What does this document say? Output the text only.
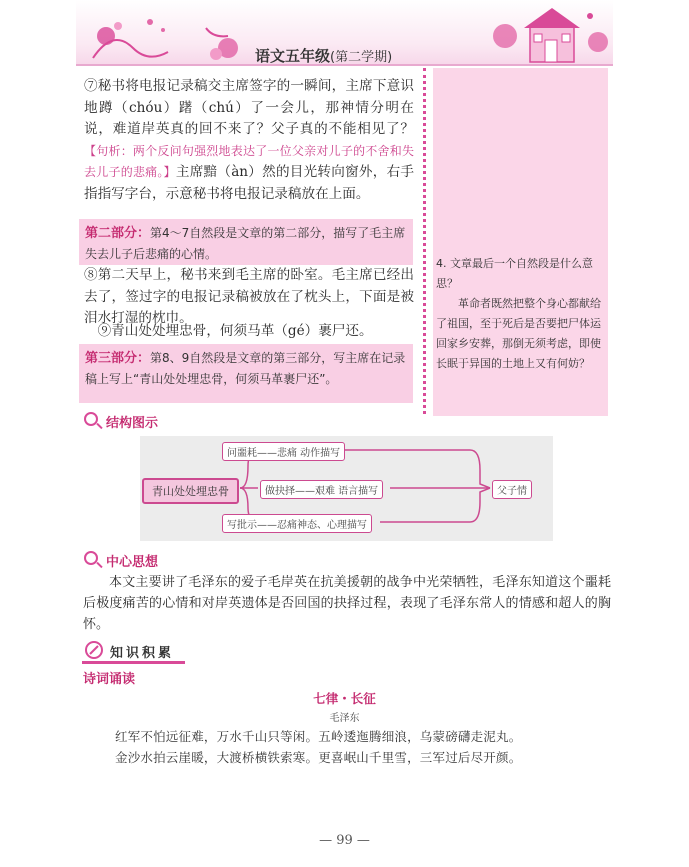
语文五年级(第二学期)
⑦秘书将电报记录稿交主席签字的一瞬间，主席下意识地蹲（chóu）躇（chú）了一会儿，那神情分明在说，难道岸英真的回不来了？父子真的不能相见了？【句析：两个反问句强烈地表达了一位父亲对儿子的不舍和失去儿子的悲痛。】主席黯（àn）然的目光转向窗外，右手指指写字台，示意秘书将电报记录稿放在上面。
第二部分：第4～7自然段是文章的第二部分，描写了毛主席失去儿子后悲痛的心情。
⑧第二天早上，秘书来到毛主席的卧室。毛主席已经出去了，签过字的电报记录稿被放在了枕头上，下面是被泪水打湿的枕巾。
⑨青山处处埋忠骨，何须马革（gé）裹尸还。
第三部分：第8、9自然段是文章的第三部分，写主席在记录稿上写上“青山处处埋忠骨，何须马革裹尸还”。
4. 文章最后一个自然段是什么意思？
革命者既然把整个身心都献给了祖国，至于死后是否要把尸体运回家乡安葬，那倒无须考虑，即使长眠于异国的土地上又有何妨？
结构图示
青山处处埋忠骨
问噩耗——悲痛 动作描写
做抉择——艰难 语言描写
写批示——忍痛神态、心理描写
父子情
中心思想
本文主要讲了毛泽东的爱子毛岸英在抗美援朝的战争中光荣牺牲，毛泽东知道这个噩耗后极度痛苦的心情和对岸英遗体是否回国的抉择过程，表现了毛泽东常人的情感和超人的胸怀。
知识积累
诗词诵读
七律・长征
毛泽东
红军不怕远征难，万水千山只等闲。五岭逶迤腾细浪，乌蒙磅礴走泥丸。
金沙水拍云崖暖，大渡桥横铁索寒。更喜岷山千里雪，三军过后尽开颜。
— 99 —
